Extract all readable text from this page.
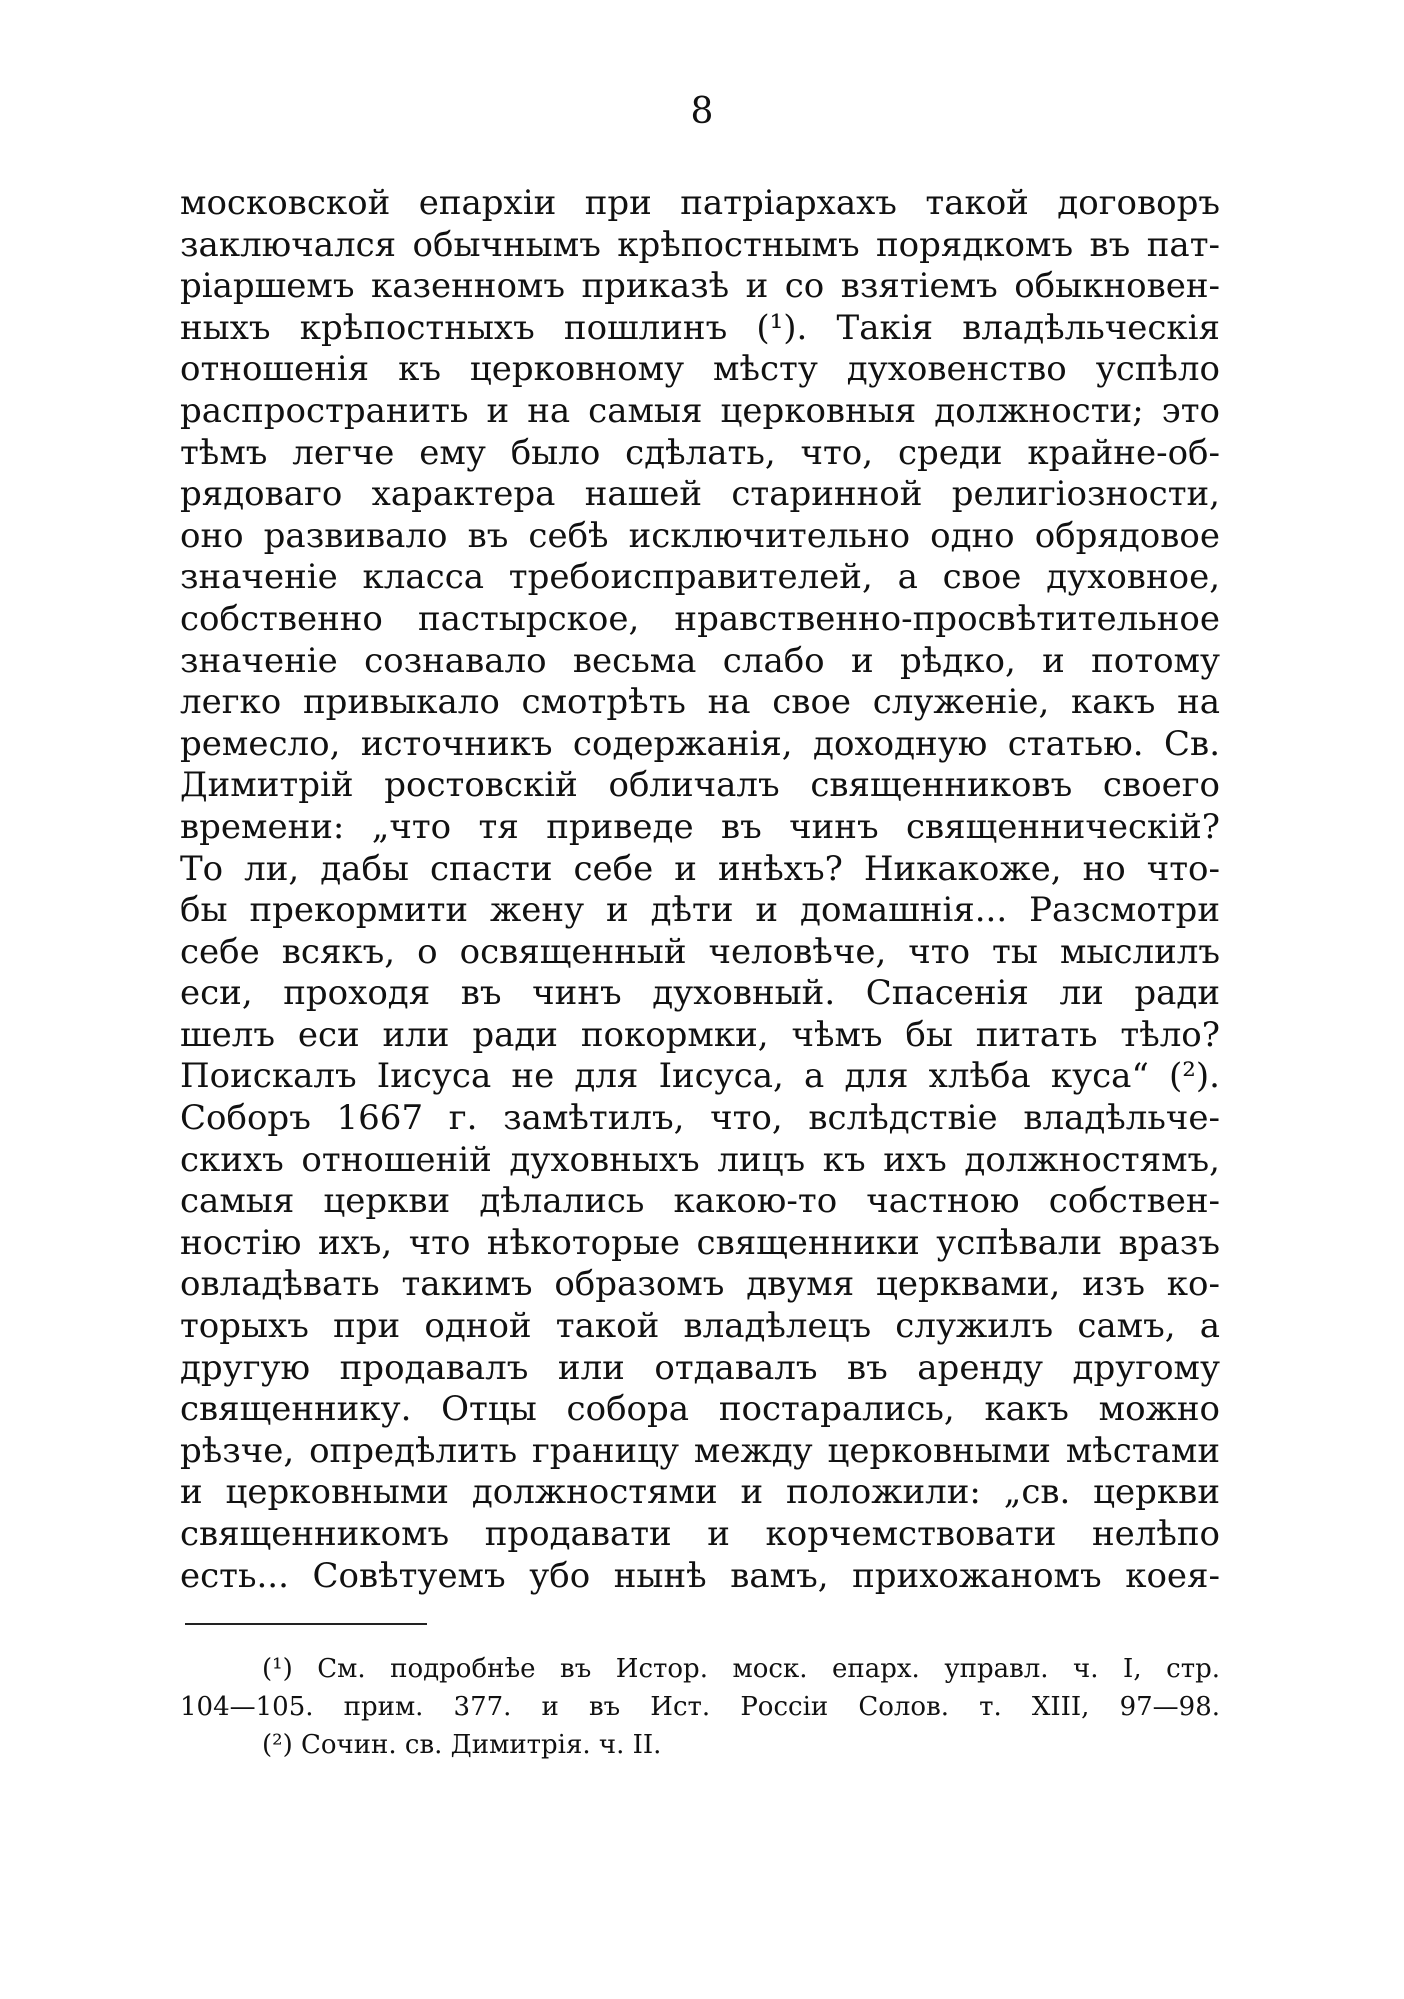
8
московской епархіи при патріархахъ такой договоръ
заключался обычнымъ крѣпостнымъ порядкомъ въ пат-
ріаршемъ казенномъ приказѣ и со взятіемъ обыкновен-
ныхъ крѣпостныхъ пошлинъ (¹). Такія владѣльческія
отношенія къ церковному мѣсту духовенство успѣло
распространить и на самыя церковныя должности; это
тѣмъ легче ему было сдѣлать, что, среди крайне-об-
рядоваго характера нашей старинной религіозности,
оно развивало въ себѣ исключительно одно обрядовое
значеніе класса требоисправителей, а свое духовное,
собственно пастырское, нравственно-просвѣтительное
значеніе сознавало весьма слабо и рѣдко, и потому
легко привыкало смотрѣть на свое служеніе, какъ на
ремесло, источникъ содержанія, доходную статью. Св.
Димитрій ростовскій обличалъ священниковъ своего
времени: „что тя приведе въ чинъ священническій?
То ли, дабы спасти себе и инѣхъ? Никакоже, но что-
бы прекормити жену и дѣти и домашнія... Разсмотри
себе всякъ, о освященный человѣче, что ты мыслилъ
еси, проходя въ чинъ духовный. Спасенія ли ради
шелъ еси или ради покормки, чѣмъ бы питать тѣло?
Поискалъ Іисуса не для Іисуса, а для хлѣба куса“ (²).
Соборъ 1667 г. замѣтилъ, что, вслѣдствіе владѣльче-
скихъ отношеній духовныхъ лицъ къ ихъ должностямъ,
самыя церкви дѣлались какою-то частною собствен-
ностію ихъ, что нѣкоторые священники успѣвали вразъ
овладѣвать такимъ образомъ двумя церквами, изъ ко-
торыхъ при одной такой владѣлецъ служилъ самъ, а
другую продавалъ или отдавалъ въ аренду другому
священнику. Отцы собора постарались, какъ можно
рѣзче, опредѣлить границу между церковными мѣстами
и церковными должностями и положили: „св. церкви
священникомъ продавати и корчемствовати нелѣпо
есть... Совѣтуемъ убо нынѣ вамъ, прихожаномъ коея-
(¹) См. подробнѣе въ Истор. моск. епарх. управл. ч. I, стр.
104—105. прим. 377. и въ Ист. Россіи Солов. т. XIII, 97—98.
(²) Сочин. св. Димитрія. ч. II.
